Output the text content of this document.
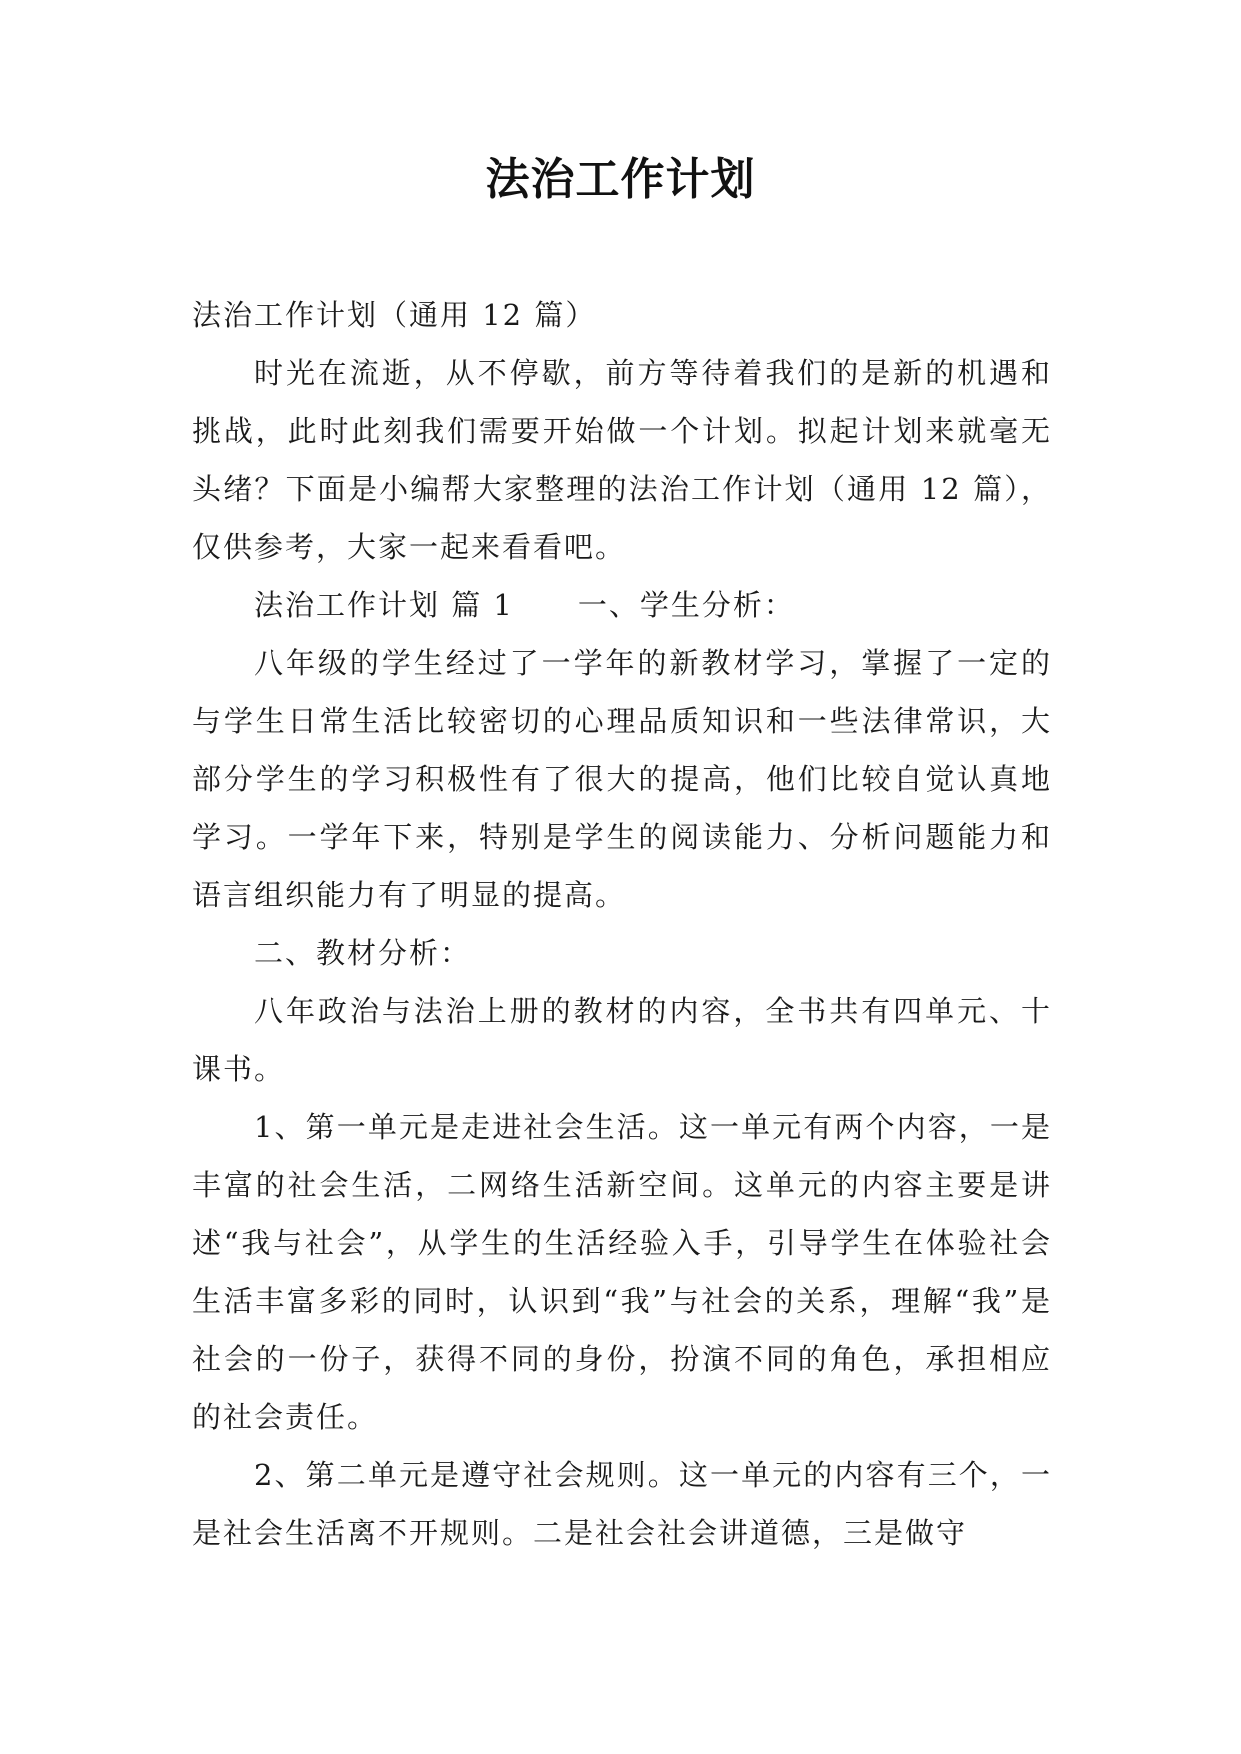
法治工作计划

法治工作计划（通用 12 篇）

时光在流逝，从不停歇，前方等待着我们的是新的机遇和挑战，此时此刻我们需要开始做一个计划。拟起计划来就毫无头绪？下面是小编帮大家整理的法治工作计划（通用 12 篇），仅供参考，大家一起来看看吧。

法治工作计划 篇 1 一、学生分析：

八年级的学生经过了一学年的新教材学习，掌握了一定的与学生日常生活比较密切的心理品质知识和一些法律常识，大部分学生的学习积极性有了很大的提高，他们比较自觉认真地学习。一学年下来，特别是学生的阅读能力、分析问题能力和语言组织能力有了明显的提高。

二、教材分析：

八年政治与法治上册的教材的内容，全书共有四单元、十课书。

1、第一单元是走进社会生活。这一单元有两个内容，一是丰富的社会生活，二网络生活新空间。这单元的内容主要是讲述“我与社会”，从学生的生活经验入手，引导学生在体验社会生活丰富多彩的同时，认识到“我”与社会的关系，理解“我”是社会的一份子，获得不同的身份，扮演不同的角色，承担相应的社会责任。

2、第二单元是遵守社会规则。这一单元的内容有三个，一是社会生活离不开规则。二是社会社会讲道德，三是做守
